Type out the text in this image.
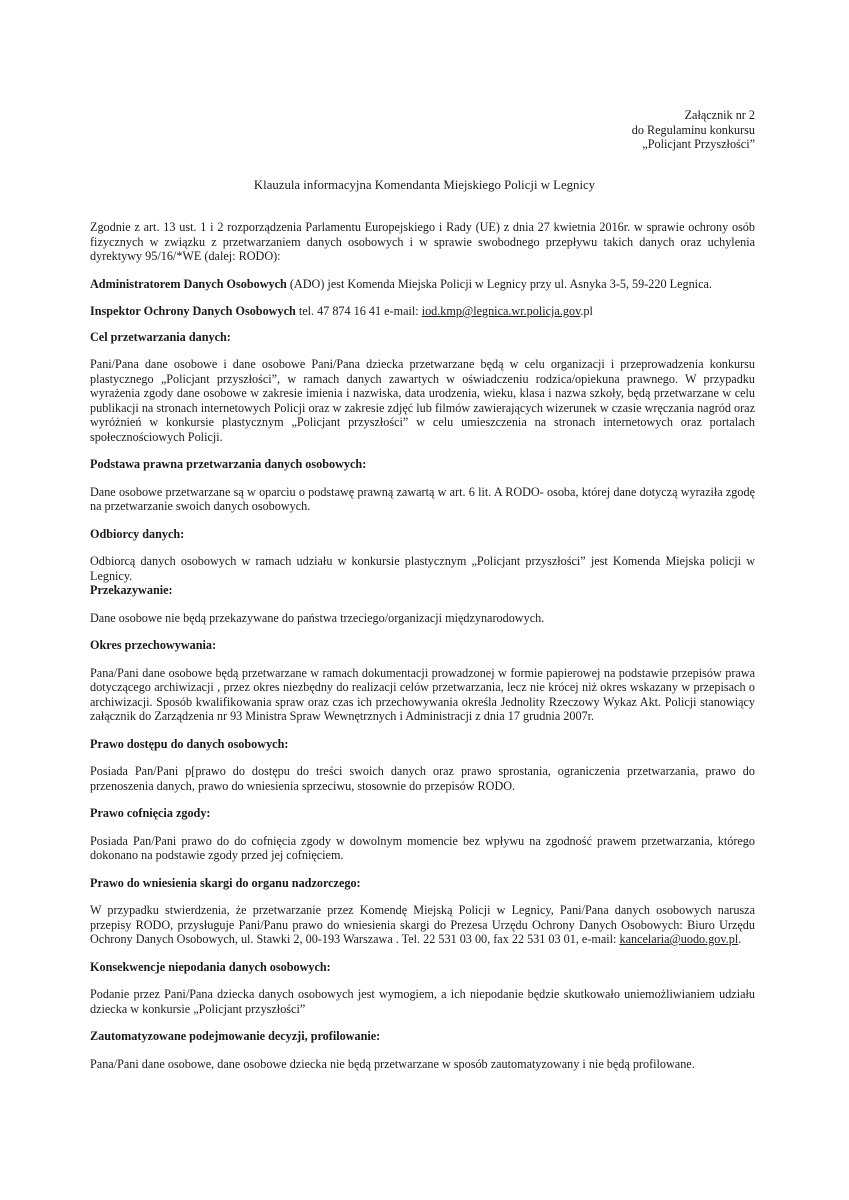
Załącznik nr 2
do Regulaminu konkursu
„Policjant Przyszłości”
Klauzula informacyjna Komendanta Miejskiego Policji w Legnicy

Zgodnie z art. 13 ust. 1 i 2 rozporządzenia Parlamentu Europejskiego i Rady (UE) z dnia 27 kwietnia 2016r. w sprawie ochrony osób fizycznych w związku z przetwarzaniem danych osobowych i w sprawie swobodnego przepływu takich danych oraz uchylenia dyrektywy 95/16/*WE (dalej: RODO):

Administratorem Danych Osobowych (ADO) jest Komenda Miejska Policji w Legnicy przy ul. Asnyka 3-5, 59-220 Legnica.

Inspektor Ochrony Danych Osobowych tel. 47 874 16 41 e-mail: iod.kmp@legnica.wr.policja.gov.pl

Cel przetwarzania danych:

Pani/Pana dane osobowe i dane osobowe Pani/Pana dziecka przetwarzane będą w celu organizacji i przeprowadzenia konkursu plastycznego „Policjant przyszłości”, w ramach danych zawartych w oświadczeniu rodzica/opiekuna prawnego. W przypadku wyrażenia zgody dane osobowe w zakresie imienia i nazwiska, data urodzenia, wieku, klasa i nazwa szkoły, będą przetwarzane w celu publikacji na stronach internetowych Policji oraz w zakresie zdjęć lub filmów zawierających wizerunek w czasie wręczania nagród oraz wyróżnień w konkursie plastycznym „Policjant przyszłości” w celu umieszczenia na stronach internetowych oraz portalach społecznościowych Policji.

Podstawa prawna przetwarzania danych osobowych:

Dane osobowe przetwarzane są w oparciu o podstawę prawną zawartą w art. 6 lit. A RODO- osoba, której dane dotyczą wyraziła zgodę na przetwarzanie swoich danych osobowych.

Odbiorcy danych:

Odbiorcą danych osobowych w ramach udziału w konkursie plastycznym „Policjant przyszłości” jest Komenda Miejska policji w Legnicy.

Przekazywanie:

Dane osobowe nie będą przekazywane do państwa trzeciego/organizacji międzynarodowych.

Okres przechowywania:

Pana/Pani dane osobowe będą przetwarzane w ramach dokumentacji prowadzonej w formie papierowej na podstawie przepisów prawa dotyczącego archiwizacji , przez okres niezbędny do realizacji celów przetwarzania, lecz nie krócej niż okres wskazany w przepisach o archiwizacji. Sposób kwalifikowania spraw oraz czas ich przechowywania określa Jednolity Rzeczowy Wykaz Akt. Policji stanowiący załącznik do Zarządzenia nr 93 Ministra Spraw Wewnętrznych i Administracji z dnia 17 grudnia 2007r.

Prawo dostępu do danych osobowych:

Posiada Pan/Pani p[prawo do dostępu do treści swoich danych oraz prawo sprostania, ograniczenia przetwarzania, prawo do przenoszenia danych, prawo do wniesienia sprzeciwu, stosownie do przepisów RODO.

Prawo cofnięcia zgody:

Posiada Pan/Pani prawo do do cofnięcia zgody w dowolnym momencie bez wpływu na zgodność prawem przetwarzania, którego dokonano na podstawie zgody przed jej cofnięciem.

Prawo do wniesienia skargi do organu nadzorczego:

W przypadku stwierdzenia, że przetwarzanie przez Komendę Miejską Policji w Legnicy, Pani/Pana danych osobowych narusza przepisy RODO, przysługuje Pani/Panu prawo do wniesienia skargi do Prezesa Urzędu Ochrony Danych Osobowych: Biuro Urzędu Ochrony Danych Osobowych, ul. Stawki 2, 00-193 Warszawa . Tel. 22 531 03 00, fax 22 531 03 01, e-mail: kancelaria@uodo.gov.pl.

Konsekwencje niepodania danych osobowych:

Podanie przez Pani/Pana dziecka danych osobowych jest wymogiem, a ich niepodanie będzie skutkowało uniemożliwianiem udziału dziecka w konkursie „Policjant przyszłości”

Zautomatyzowane podejmowanie decyzji, profilowanie:

Pana/Pani dane osobowe, dane osobowe dziecka nie będą przetwarzane w sposób zautomatyzowany i nie będą profilowane.
